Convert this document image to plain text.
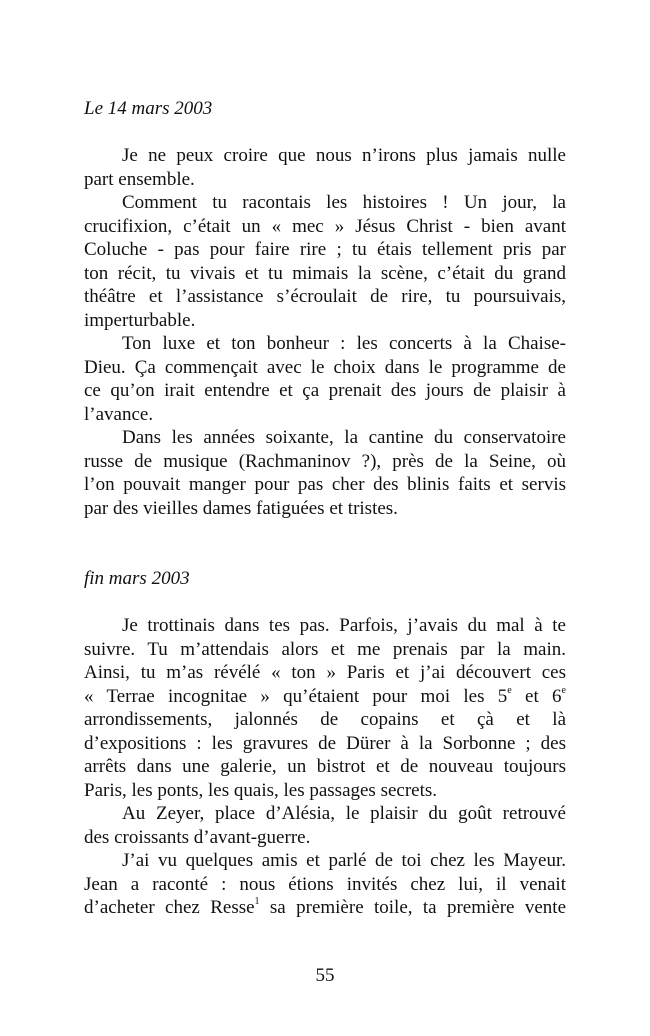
Le 14 mars 2003
Je ne peux croire que nous n’irons plus jamais nulle
part ensemble.
Comment tu racontais les histoires ! Un jour, la
crucifixion, c’était un « mec » Jésus Christ - bien avant
Coluche - pas pour faire rire ; tu étais tellement pris par
ton récit, tu vivais et tu mimais la scène, c’était du grand
théâtre et l’assistance s’écroulait de rire, tu poursuivais,
imperturbable.
Ton luxe et ton bonheur : les concerts à la Chaise-
Dieu. Ça commençait avec le choix dans le programme de
ce qu’on irait entendre et ça prenait des jours de plaisir à
l’avance.
Dans les années soixante, la cantine du conservatoire
russe de musique (Rachmaninov ?), près de la Seine, où
l’on pouvait manger pour pas cher des blinis faits et servis
par des vieilles dames fatiguées et tristes.
fin mars 2003
Je trottinais dans tes pas. Parfois, j’avais du mal à te
suivre. Tu m’attendais alors et me prenais par la main.
Ainsi, tu m’as révélé « ton » Paris et j’ai découvert ces
« Terrae incognitae » qu’étaient pour moi les 5e et 6e
arrondissements, jalonnés de copains et çà et là
d’expositions : les gravures de Dürer à la Sorbonne ; des
arrêts dans une galerie, un bistrot et de nouveau toujours
Paris, les ponts, les quais, les passages secrets.
Au Zeyer, place d’Alésia, le plaisir du goût retrouvé
des croissants d’avant-guerre.
J’ai vu quelques amis et parlé de toi chez les Mayeur.
Jean a raconté : nous étions invités chez lui, il venait
d’acheter chez Resse$^1$ sa première toile, ta première vente
55
